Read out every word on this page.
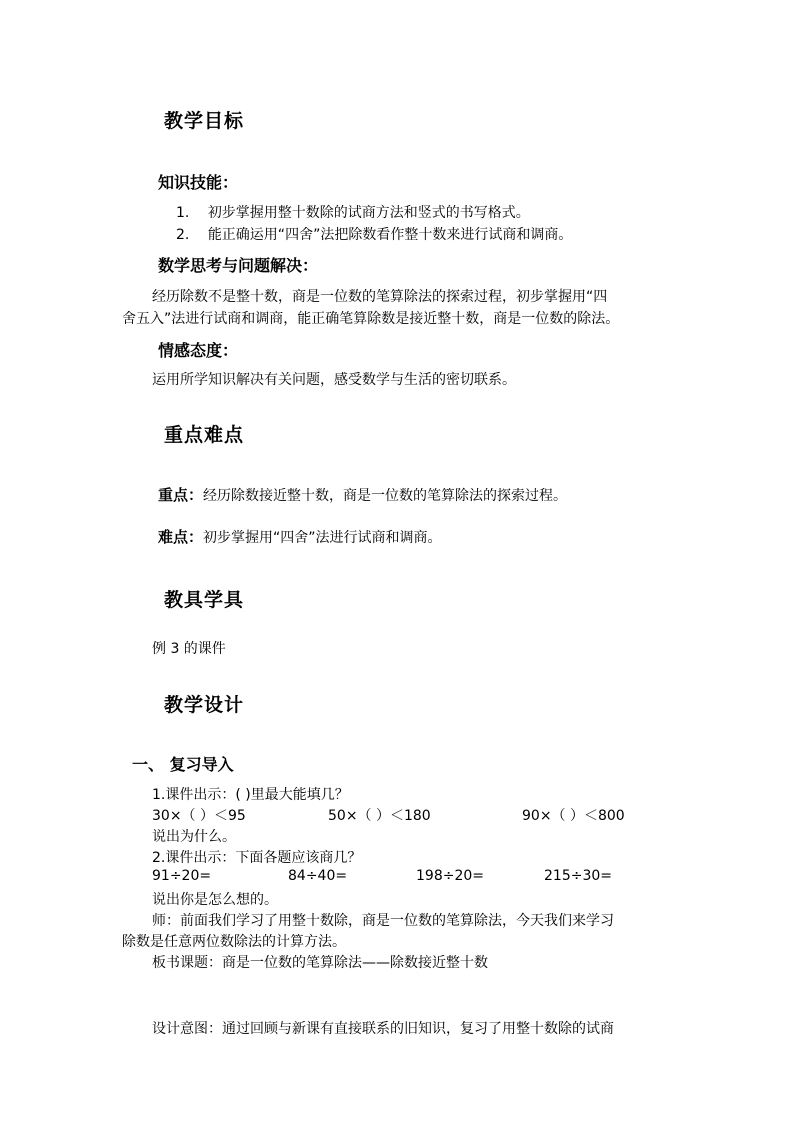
教学目标
知识技能：
1. 初步掌握用整十数除的试商方法和竖式的书写格式。
2. 能正确运用“四舍”法把除数看作整十数来进行试商和调商。
数学思考与问题解决：
经历除数不是整十数，商是一位数的笔算除法的探索过程，初步掌握用“四
舍五入”法进行试商和调商，能正确笔算除数是接近整十数，商是一位数的除法。
情感态度：
运用所学知识解决有关问题，感受数学与生活的密切联系。
重点难点
重点：经历除数接近整十数，商是一位数的笔算除法的探索过程。
难点：初步掌握用“四舍”法进行试商和调商。
教具学具
例 3 的课件
教学设计
一、 复习导入
1.课件出示：( )里最大能填几？
30×（ ）＜95	50×（ ）＜180	90×（ ）＜800
说出为什么。
2.课件出示：下面各题应该商几？
91÷20=	84÷40=	198÷20=	215÷30=
说出你是怎么想的。
师：前面我们学习了用整十数除，商是一位数的笔算除法，今天我们来学习
除数是任意两位数除法的计算方法。
板书课题：商是一位数的笔算除法——除数接近整十数
设计意图：通过回顾与新课有直接联系的旧知识，复习了用整十数除的试商
